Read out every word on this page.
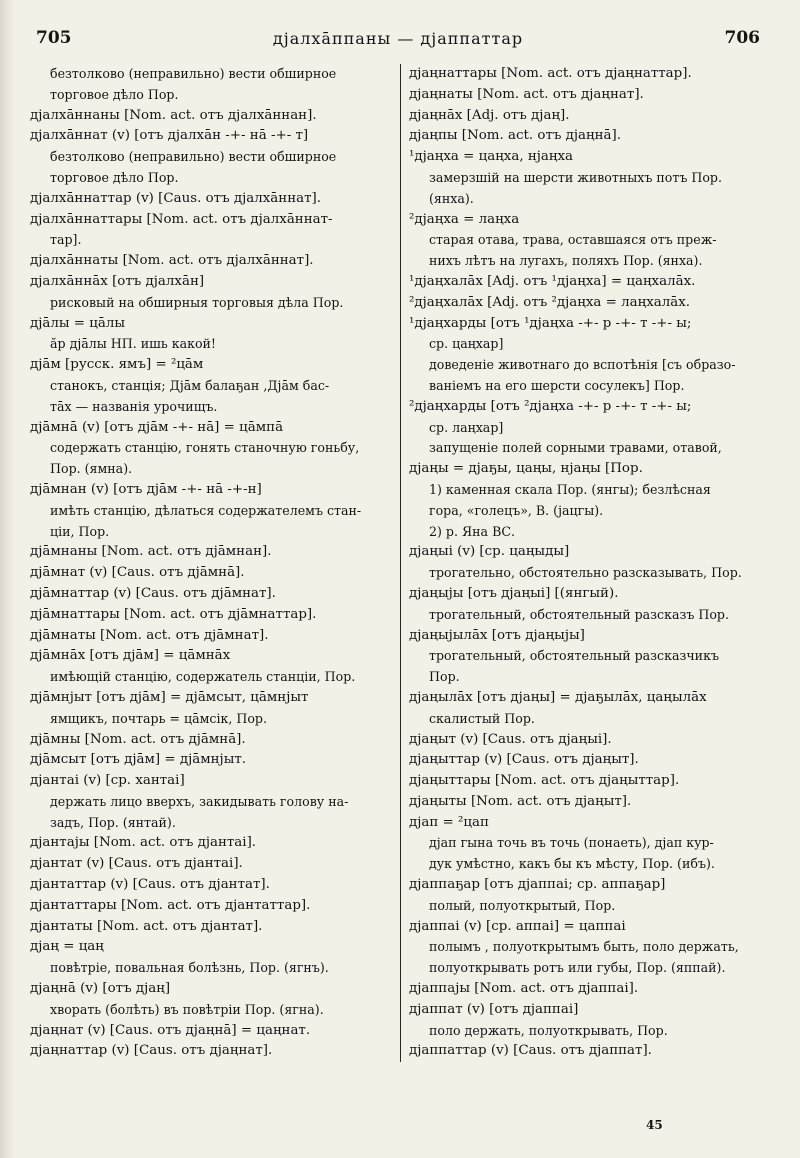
705	дjалхāппаны — дjаппаттар	706
безтолково (неправильно) вести обширное
торговое дѣло Пор.
дjалхāннаны [Nom. act. отъ дjалхāннан].
дjалхāннат (v) [отъ дjалхāн -+- нā -+- т]
безтолково (неправильно) вести обширное
торговое дѣло Пор.
дjалхāннаттар (v) [Caus. отъ дjалхāннат].
дjалхāннаттары [Nom. act. отъ дjалхāннат-
тар].
дjалхāннаты [Nom. act. отъ дjалхāннат].
дjалхāннāх [отъ дjалхāн]
рисковый на обширныя торговыя дѣла Пор.
дjāлы = цāлы
ăр дjāлы НП. ишь какой!
дjāм [русск. ямъ] = ²цāм
станокъ, станція; Дjāм балаҕан ,Дjāм бас-
тāх — названія урочищъ.
дjāмнā (v) [отъ дjāм -+- нā] = цāмпā
содержать станцію, гонять станочную гоньбу,
Пор. (ямна).
дjāмнан (v) [отъ дjāм -+- нā -+-н]
имѣть станцію, дѣлаться содержателемъ стан-
ціи, Пор.
дjāмнаны [Nom. act. отъ дjāмнан].
дjāмнат (v) [Caus. отъ дjāмнā].
дjāмнаттар (v) [Caus. отъ дjāмнат].
дjāмнаттары [Nom. act. отъ дjāмнаттар].
дjāмнаты [Nom. act. отъ дjāмнат].
дjāмнāх [отъ дjāм] = цāмнāх
имѣющій станцію, содержатель станціи, Пор.
дjāмнjыт [отъ дjāм] = дjāмсыт, цāмнjыт
ямщикъ, почтарь = цāмсiк, Пор.
дjāмны [Nom. act. отъ дjāмнā].
дjāмсыт [отъ дjāм] = дjāмнjыт.
дjантаi (v) [ср. хантаi]
держать лицо вверхъ, закидывать голову на-
задъ, Пор. (янтай).
дjантаjы [Nom. act. отъ дjантаi].
дjантат (v) [Caus. отъ дjантаi].
дjантаттар (v) [Caus. отъ дjантат].
дjантаттары [Nom. act. отъ дjантаттар].
дjантаты [Nom. act. отъ дjантат].
дjаң = цаң
повѣтріе, повальная болѣзнь, Пор. (ягнъ).
дjаңнā (v) [отъ дjаң]
хворать (болѣть) въ повѣтріи Пор. (ягна).
дjаңнат (v) [Caus. отъ дjаңнā] = цаңнат.
дjаңнаттар (v) [Caus. отъ дjаңнат].
дjаңнаттары [Nom. act. отъ дjаңнаттар].
дjаңнаты [Nom. act. отъ дjаңнат].
дjаңнāх [Adj. отъ дjаң].
дjаңпы [Nom. act. отъ дjаңнā].
¹дjаңха = цаңха, нjаңха
замерзшій на шерсти животныхъ потъ Пор.
(янха).
²дjаңха = лаңха
старая отава, трава, оставшаяся отъ преж-
нихъ лѣтъ на лугахъ, поляхъ Пор. (янха).
¹дjаңхалāх [Adj. отъ ¹дjаңха] = цаңхалāх.
²дjаңхалāх [Adj. отъ ²дjаңха = лаңхалāх.
¹дjаңхарды [отъ ¹дjаңха -+- р -+- т -+- ы;
ср. цаңхар]
доведеніе животнаго до вспотѣнія [съ образо-
ваніемъ на его шерсти сосулекъ] Пор.
²дjаңхарды [отъ ²дjаңха -+- р -+- т -+- ы;
ср. лаңхар]
запущеніе полей сорными травами, отавой,
дjаңы = дjаҕы, цаңы, нjаңы [Пор.
1) каменная скала Пор. (янгы); безлѣсная
гора, «голецъ», В. (jацгы).
2) р. Яна ВС.
дjаңыi (v) [ср. цаңыды]
трогательно, обстоятельно разсказывать, Пор.
дjаңыjы [отъ дjаңыi] [(янгый).
трогательный, обстоятельный разсказъ Пор.
дjаңыjылāх [отъ дjаңыjы]
трогательный, обстоятельный разсказчикъ
Пор.
дjаңылāх [отъ дjаңы] = дjаҕылāх, цаңылāх
скалистый Пор.
дjаңыт (v) [Caus. отъ дjаңыi].
дjаңыттар (v) [Caus. отъ дjаңыт].
дjаңыттары [Nom. act. отъ дjаңыттар].
дjаңыты [Nom. act. отъ дjаңыт].
дjап = ²цап
дjап гына точь въ точь (понаеть), дjап кур-
дук умѣстно, какъ бы къ мѣсту, Пор. (ибъ).
дjаппаҕар [отъ дjаппаi; ср. аппаҕар]
полый, полуоткрытый, Пор.
дjаппаi (v) [ср. аппаi] = цаппаi
полымъ , полуоткрытымъ быть, поло держать,
полуоткрывать ротъ или губы, Пор. (яппай).
дjаппаjы [Nom. act. отъ дjаппаi].
дjаппат (v) [отъ дjаппаi]
поло держать, полуоткрывать, Пор.
дjаппаттар (v) [Caus. отъ дjаппат].
45
